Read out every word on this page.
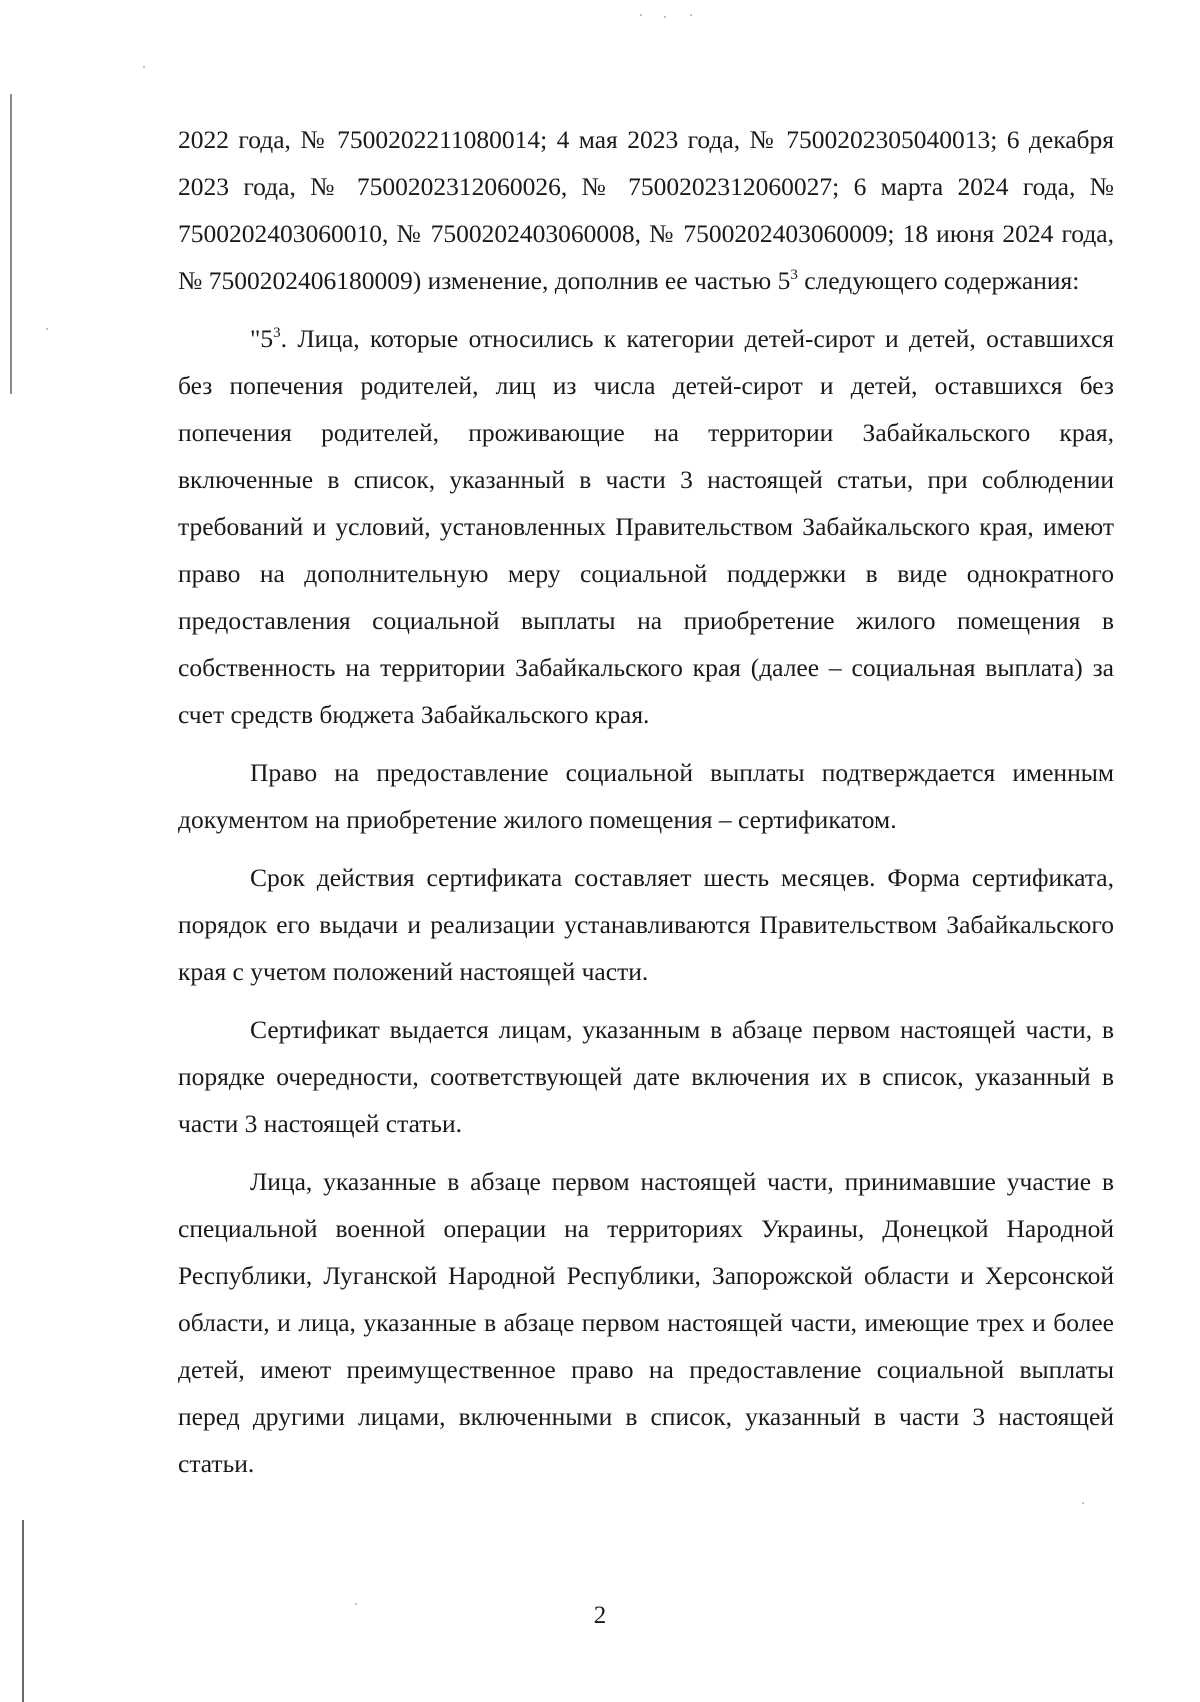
2022 года, № 7500202211080014; 4 мая 2023 года, № 7500202305040013; 6 декабря 2023 года, № 7500202312060026, № 7500202312060027; 6 марта 2024 года, № 7500202403060010, № 7500202403060008, № 7500202403060009; 18 июня 2024 года, № 7500202406180009) изменение, дополнив ее частью $5^3$ следующего содержания:

"$5^3$. Лица, которые относились к категории детей-сирот и детей, оставшихся без попечения родителей, лиц из числа детей-сирот и детей, оставшихся без попечения родителей, проживающие на территории Забайкальского края, включенные в список, указанный в части 3 настоящей статьи, при соблюдении требований и условий, установленных Правительством Забайкальского края, имеют право на дополнительную меру социальной поддержки в виде однократного предоставления социальной выплаты на приобретение жилого помещения в собственность на территории Забайкальского края (далее – социальная выплата) за счет средств бюджета Забайкальского края.

Право на предоставление социальной выплаты подтверждается именным документом на приобретение жилого помещения – сертификатом.

Срок действия сертификата составляет шесть месяцев. Форма сертификата, порядок его выдачи и реализации устанавливаются Правительством Забайкальского края с учетом положений настоящей части.

Сертификат выдается лицам, указанным в абзаце первом настоящей части, в порядке очередности, соответствующей дате включения их в список, указанный в части 3 настоящей статьи.

Лица, указанные в абзаце первом настоящей части, принимавшие участие в специальной военной операции на территориях Украины, Донецкой Народной Республики, Луганской Народной Республики, Запорожской области и Херсонской области, и лица, указанные в абзаце первом настоящей части, имеющие трех и более детей, имеют преимущественное право на предоставление социальной выплаты перед другими лицами, включенными в список, указанный в части 3 настоящей статьи.

2
